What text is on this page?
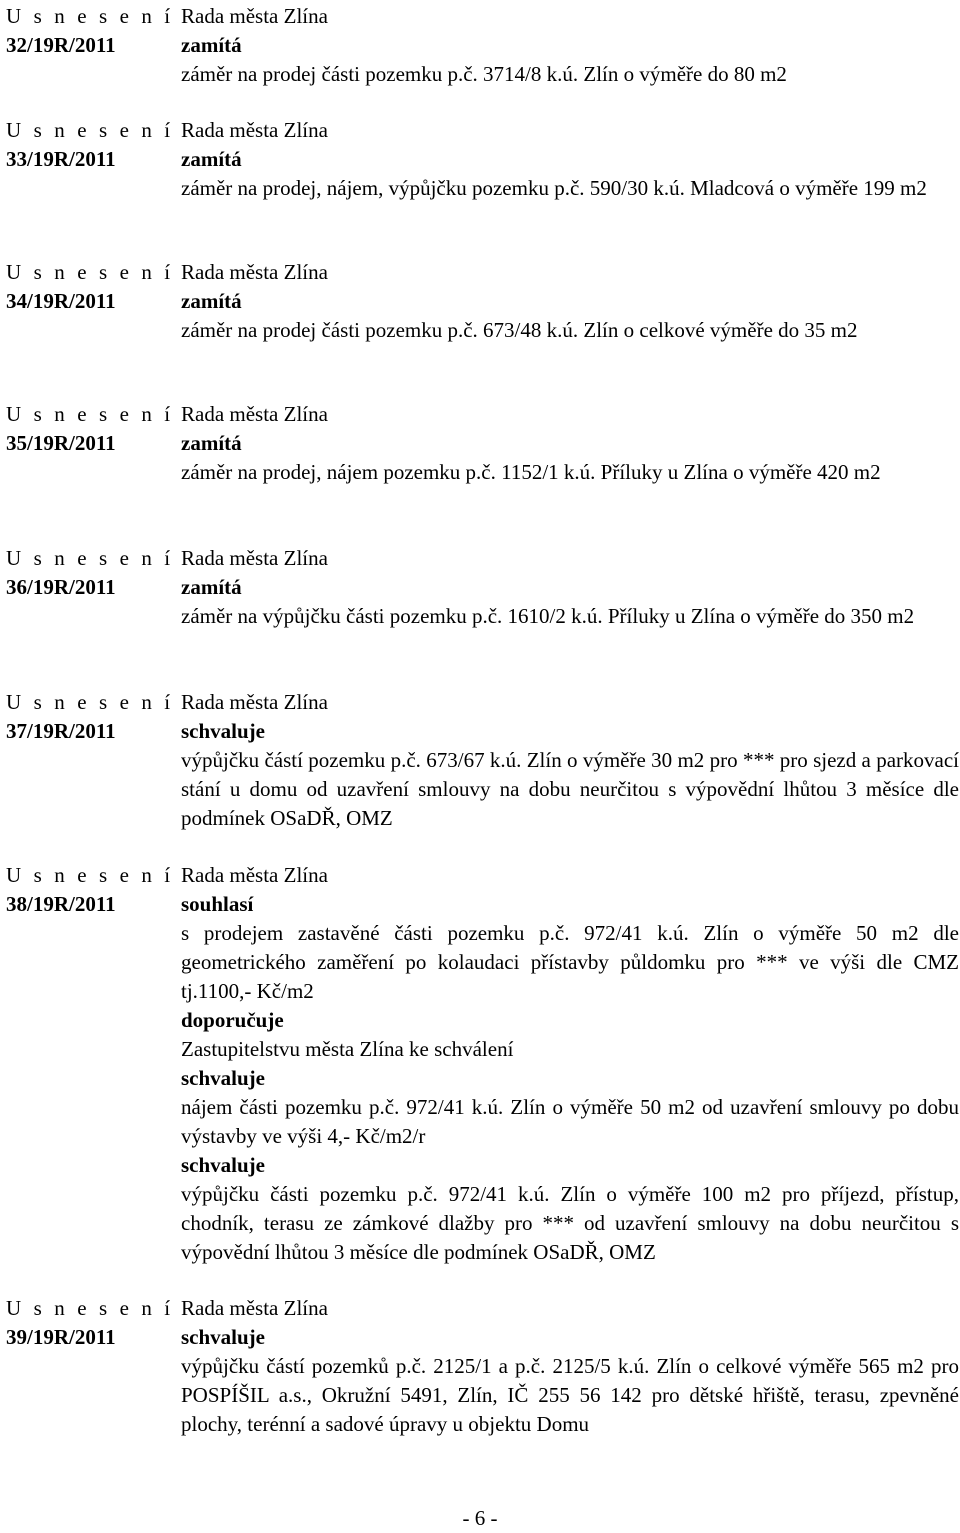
U s n e s e n í
32/19R/2011
Rada města Zlína
zamítá
záměr na prodej části pozemku p.č. 3714/8 k.ú. Zlín o výměře do 80 m2
U s n e s e n í
33/19R/2011
Rada města Zlína
zamítá
záměr na prodej, nájem, výpůjčku pozemku p.č. 590/30 k.ú. Mladcová o výměře 199 m2
U s n e s e n í
34/19R/2011
Rada města Zlína
zamítá
záměr na prodej části pozemku p.č. 673/48 k.ú. Zlín o celkové výměře do 35 m2
U s n e s e n í
35/19R/2011
Rada města Zlína
zamítá
záměr na prodej, nájem pozemku p.č. 1152/1 k.ú. Příluky u Zlína o výměře 420 m2
U s n e s e n í
36/19R/2011
Rada města Zlína
zamítá
záměr na výpůjčku části pozemku p.č. 1610/2 k.ú. Příluky u Zlína o výměře do 350 m2
U s n e s e n í
37/19R/2011
Rada města Zlína
schvaluje
výpůjčku částí pozemku p.č. 673/67 k.ú. Zlín o výměře 30 m2 pro *** pro sjezd a parkovací stání u domu od uzavření smlouvy na dobu neurčitou s výpovědní lhůtou 3 měsíce dle podmínek OSaDŘ, OMZ
U s n e s e n í
38/19R/2011
Rada města Zlína
souhlasí
s prodejem zastavěné části pozemku p.č. 972/41 k.ú. Zlín o výměře 50 m2 dle geometrického zaměření po kolaudaci přístavby půldomku pro *** ve výši dle CMZ tj.1100,- Kč/m2
doporučuje
Zastupitelstvu města Zlína ke schválení
schvaluje
nájem části pozemku p.č. 972/41 k.ú. Zlín o výměře 50 m2 od uzavření smlouvy po dobu výstavby ve výši 4,- Kč/m2/r
schvaluje
výpůjčku části pozemku p.č. 972/41 k.ú. Zlín o výměře 100 m2 pro příjezd, přístup, chodník, terasu ze zámkové dlažby pro *** od uzavření smlouvy na dobu neurčitou s výpovědní lhůtou 3 měsíce dle podmínek OSaDŘ, OMZ
U s n e s e n í
39/19R/2011
Rada města Zlína
schvaluje
výpůjčku částí pozemků p.č. 2125/1 a p.č. 2125/5 k.ú. Zlín o celkové výměře 565 m2 pro POSPÍŠIL a.s., Okružní 5491, Zlín, IČ 255 56 142 pro dětské hřiště, terasu, zpevněné plochy, terénní a sadové úpravy u objektu Domu
- 6 -
